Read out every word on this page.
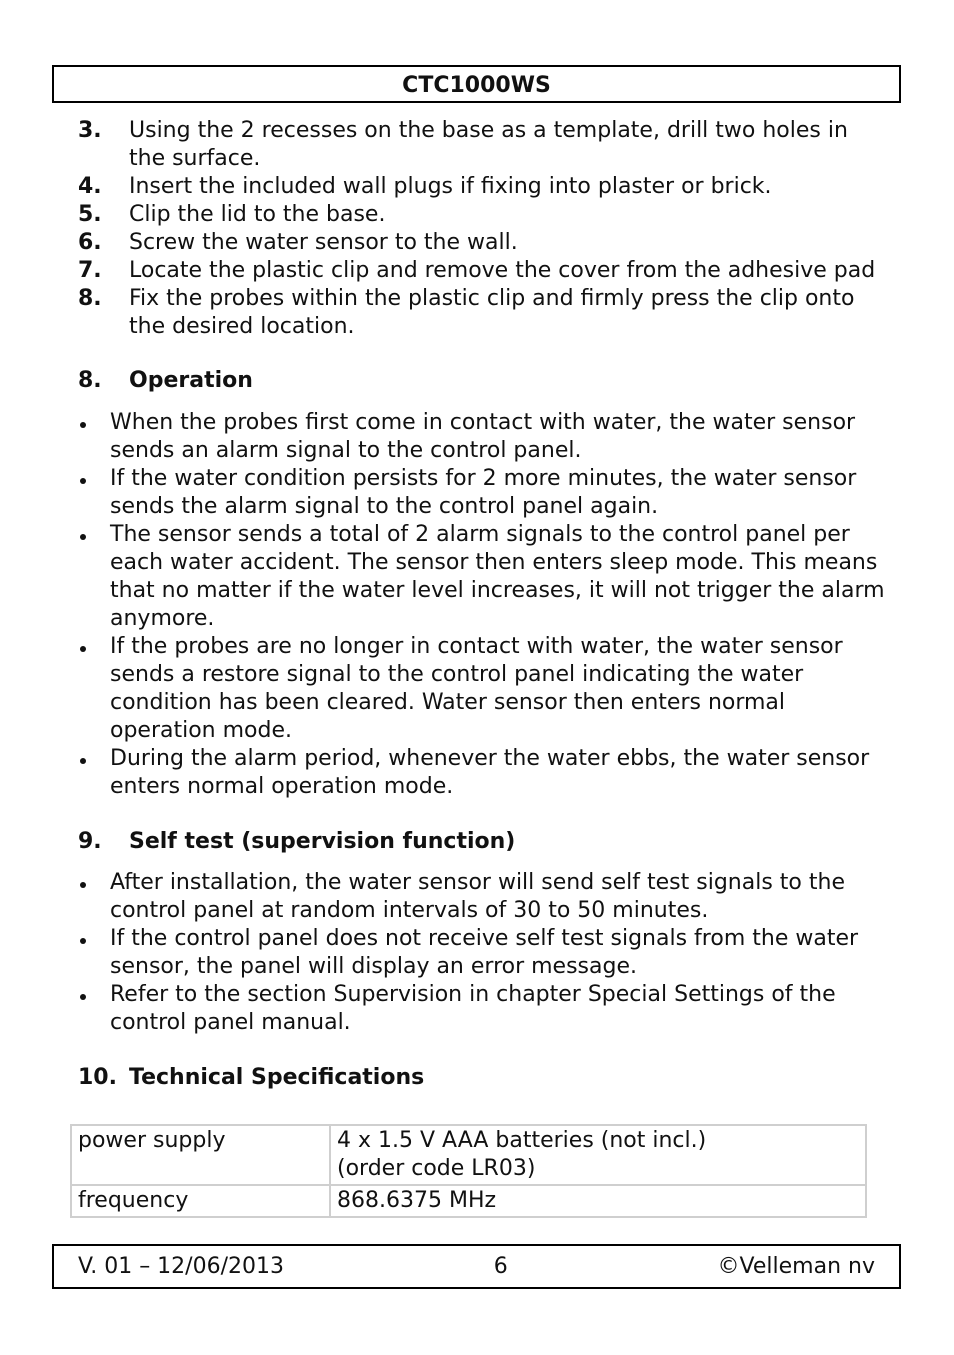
CTC1000WS
3. Using the 2 recesses on the base as a template, drill two holes in the surface.
4. Insert the included wall plugs if fixing into plaster or brick.
5. Clip the lid to the base.
6. Screw the water sensor to the wall.
7. Locate the plastic clip and remove the cover from the adhesive pad
8. Fix the probes within the plastic clip and firmly press the clip onto the desired location.
8. Operation
When the probes first come in contact with water, the water sensor sends an alarm signal to the control panel.
If the water condition persists for 2 more minutes, the water sensor sends the alarm signal to the control panel again.
The sensor sends a total of 2 alarm signals to the control panel per each water accident. The sensor then enters sleep mode. This means that no matter if the water level increases, it will not trigger the alarm anymore.
If the probes are no longer in contact with water, the water sensor sends a restore signal to the control panel indicating the water condition has been cleared. Water sensor then enters normal operation mode.
During the alarm period, whenever the water ebbs, the water sensor enters normal operation mode.
9. Self test (supervision function)
After installation, the water sensor will send self test signals to the control panel at random intervals of 30 to 50 minutes.
If the control panel does not receive self test signals from the water sensor, the panel will display an error message.
Refer to the section Supervision in chapter Special Settings of the control panel manual.
10. Technical Specifications
power supply	4 x 1.5 V AAA batteries (not incl.)
(order code LR03)

frequency	868.6375 MHz
V. 01 – 12/06/2013	6	©Velleman nv
